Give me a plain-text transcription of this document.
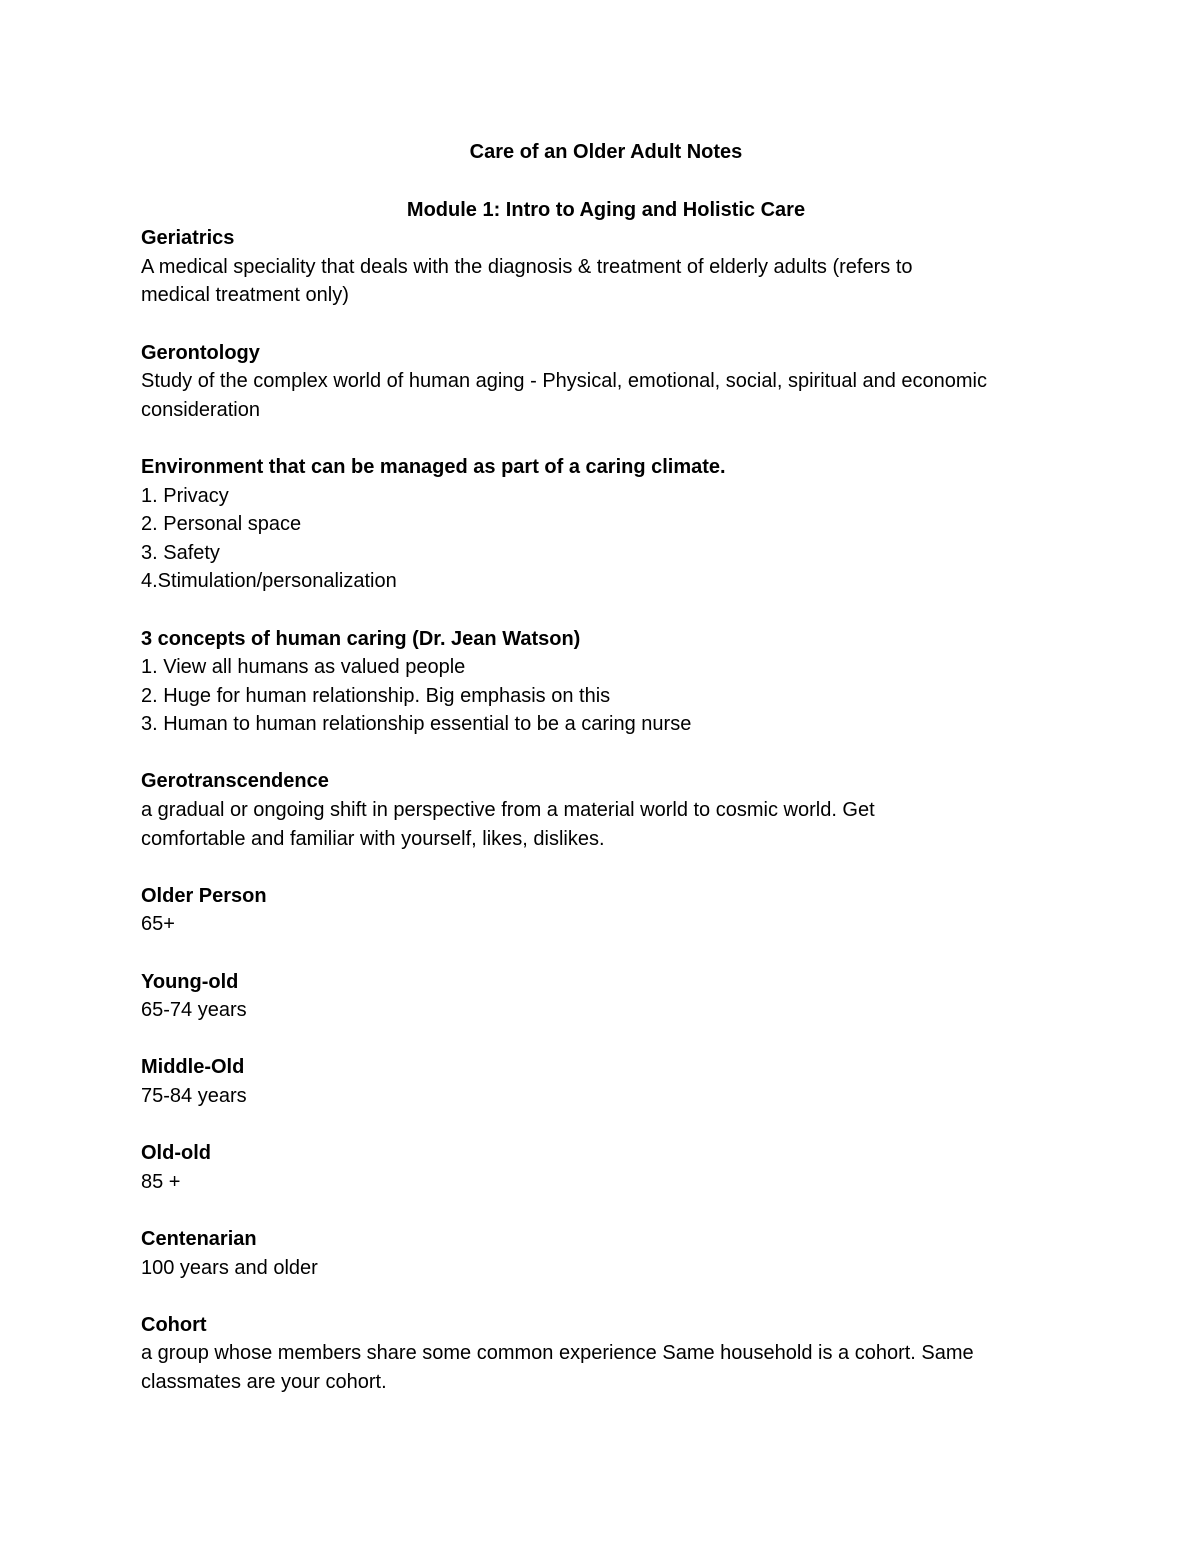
Care of an Older Adult Notes

Module 1: Intro to Aging and Holistic Care

Geriatrics

A medical speciality that deals with the diagnosis & treatment of elderly adults (refers to

medical treatment only)

Gerontology

Study of the complex world of human aging - Physical, emotional, social, spiritual and economic

consideration

Environment that can be managed as part of a caring climate.

1. Privacy
2. Personal space
3. Safety
4.Stimulation/personalization

3 concepts of human caring (Dr. Jean Watson)

1. View all humans as valued people
2. Huge for human relationship. Big emphasis on this
3. Human to human relationship essential to be a caring nurse

Gerotranscendence

a gradual or ongoing shift in perspective from a material world to cosmic world. Get

comfortable and familiar with yourself, likes, dislikes.

Older Person

65+

Young-old

65-74 years

Middle-Old

75-84 years

Old-old

85 +

Centenarian

100 years and older

Cohort

a group whose members share some common experience Same household is a cohort. Same

classmates are your cohort.
